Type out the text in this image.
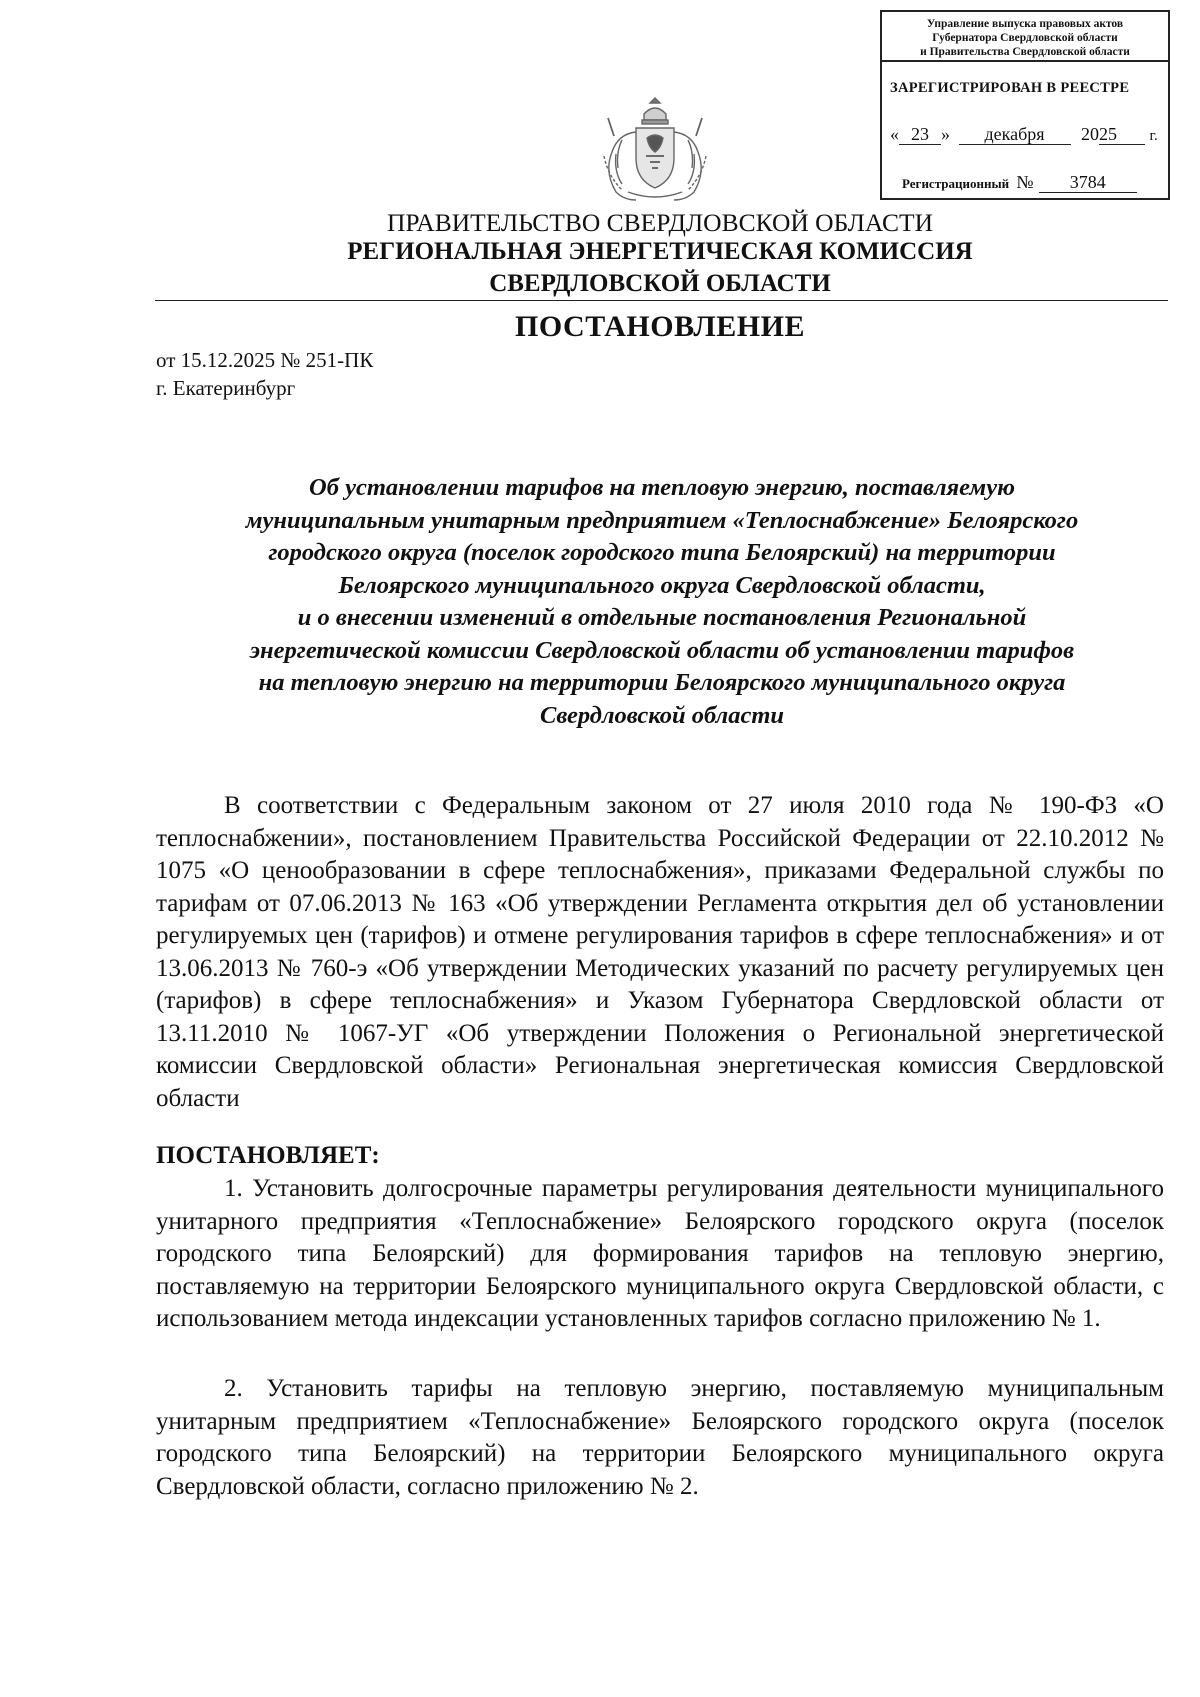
Управление выпуска правовых актов
Губернатора Свердловской области
и Правительства Свердловской области
ЗАРЕГИСТРИРОВАН В РЕЕСТРЕ
« 23 » декабря 2025 г.
Регистрационный № 3784
ПРАВИТЕЛЬСТВО СВЕРДЛОВСКОЙ ОБЛАСТИ
РЕГИОНАЛЬНАЯ ЭНЕРГЕТИЧЕСКАЯ КОМИССИЯ
СВЕРДЛОВСКОЙ ОБЛАСТИ
ПОСТАНОВЛЕНИЕ
от 15.12.2025 № 251-ПК
г. Екатеринбург
Об установлении тарифов на тепловую энергию, поставляемую
муниципальным унитарным предприятием «Теплоснабжение» Белоярского
городского округа (поселок городского типа Белоярский) на территории
Белоярского муниципального округа Свердловской области,
и о внесении изменений в отдельные постановления Региональной
энергетической комиссии Свердловской области об установлении тарифов
на тепловую энергию на территории Белоярского муниципального округа
Свердловской области

В соответствии с Федеральным законом от 27 июля 2010 года № 190-ФЗ «О теплоснабжении», постановлением Правительства Российской Федерации от 22.10.2012 № 1075 «О ценообразовании в сфере теплоснабжения», приказами Федеральной службы по тарифам от 07.06.2013 № 163 «Об утверждении Регламента открытия дел об установлении регулируемых цен (тарифов) и отмене регулирования тарифов в сфере теплоснабжения» и от 13.06.2013 № 760-э «Об утверждении Методических указаний по расчету регулируемых цен (тарифов) в сфере теплоснабжения» и Указом Губернатора Свердловской области от 13.11.2010 № 1067-УГ «Об утверждении Положения о Региональной энергетической комиссии Свердловской области» Региональная энергетическая комиссия Свердловской области

ПОСТАНОВЛЯЕТ:

1. Установить долгосрочные параметры регулирования деятельности муниципального унитарного предприятия «Теплоснабжение» Белоярского городского округа (поселок городского типа Белоярский) для формирования тарифов на тепловую энергию, поставляемую на территории Белоярского муниципального округа Свердловской области, с использованием метода индексации установленных тарифов согласно приложению № 1.

2. Установить тарифы на тепловую энергию, поставляемую муниципальным унитарным предприятием «Теплоснабжение» Белоярского городского округа (поселок городского типа Белоярский) на территории Белоярского муниципального округа Свердловской области, согласно приложению № 2.
